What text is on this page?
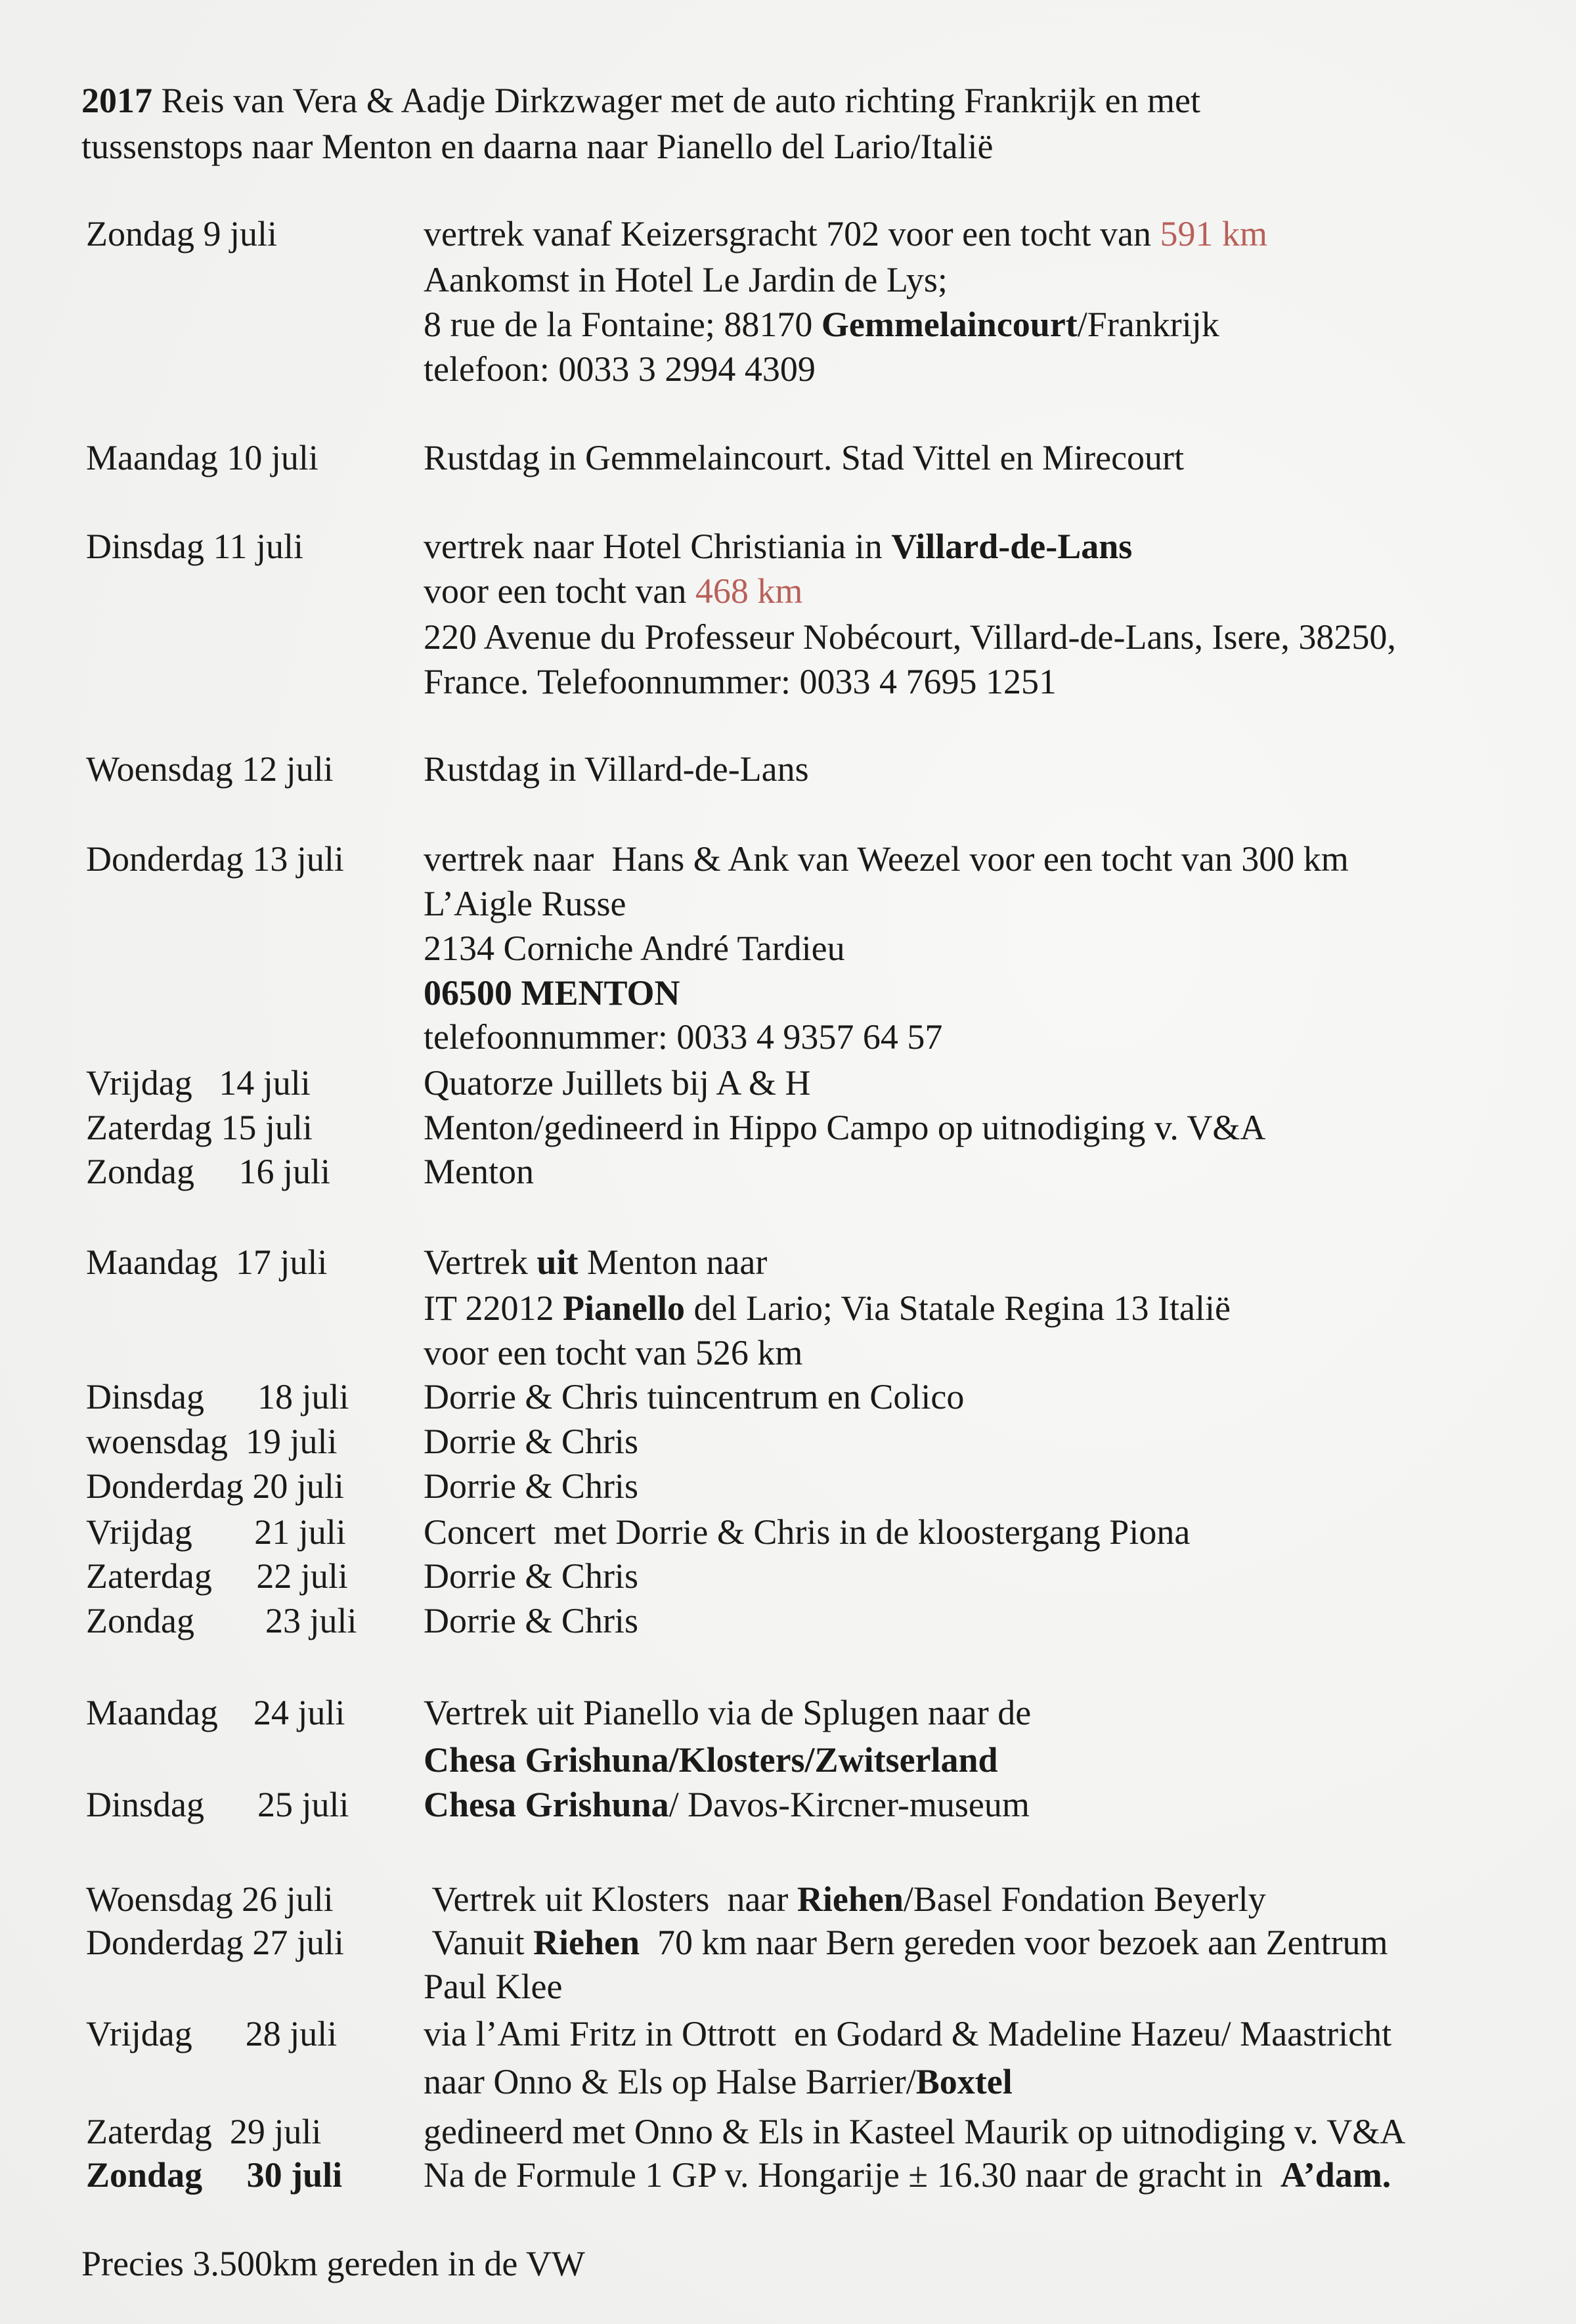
Precies 3.500km gereden in de VW
2017 Reis van Vera & Aadje Dirkzwager met de auto richting Frankrijk en met
tussenstops naar Menton en daarna naar Pianello del Lario/Italië
Zondag 9 juli	vertrek vanaf Keizersgracht 702 voor een tocht van 591 km
Aankomst in Hotel Le Jardin de Lys;
8 rue de la Fontaine; 88170 Gemmelaincourt/Frankrijk
telefoon: 0033 3 2994 4309
Maandag 10 juli	Rustdag in Gemmelaincourt. Stad Vittel en Mirecourt
Dinsdag 11 juli	vertrek naar Hotel Christiania in Villard-de-Lans
voor een tocht van 468 km
220 Avenue du Professeur Nobécourt, Villard-de-Lans, Isere, 38250,
France. Telefoonnummer: 0033 4 7695 1251
Woensdag 12 juli	Rustdag in Villard-de-Lans
Donderdag 13 juli vertrek naar  Hans & Ank van Weezel voor een tocht van 300 km
L’Aigle Russe
2134 Corniche André Tardieu
06500 MENTON
telefoonnummer: 0033 4 9357 64 57
Vrijdag   14 juli	Quatorze Juillets bij A & H
Zaterdag 15 juli	Menton/gedineerd in Hippo Campo op uitnodiging v. V&A
Zondag     16 juli	Menton
Maandag  17 juli	Vertrek uit Menton naar
IT 22012 Pianello del Lario; Via Statale Regina 13 Italië
voor een tocht van 526 km
Dinsdag      18 juli Dorrie & Chris tuincentrum en Colico
woensdag  19 juli Dorrie & Chris
Donderdag 20 juli Dorrie & Chris
Vrijdag       21 juli Concert  met Dorrie & Chris in de kloostergang Piona
Zaterdag     22 juli Dorrie & Chris
Zondag        23 juli Dorrie & Chris
Maandag    24 juli Vertrek uit Pianello via de Splugen naar de
Chesa Grishuna/Klosters/Zwitserland
Dinsdag      25 juli Chesa Grishuna/ Davos-Kircner-museum
Woensdag 26 juli	Vertrek uit Klosters  naar Riehen/Basel Fondation Beyerly
Donderdag 27 juli Vanuit Riehen  70 km naar Bern gereden voor bezoek aan Zentrum
Paul Klee
Vrijdag      28 juli via l’Ami Fritz in Ottrott  en Godard & Madeline Hazeu/ Maastricht
naar Onno & Els op Halse Barrier/Boxtel
Zaterdag  29 juli	gedineerd met Onno & Els in Kasteel Maurik op uitnodiging v. V&A
Zondag     30 juli Na de Formule 1 GP v. Hongarije ± 16.30 naar de gracht in  A’dam.
